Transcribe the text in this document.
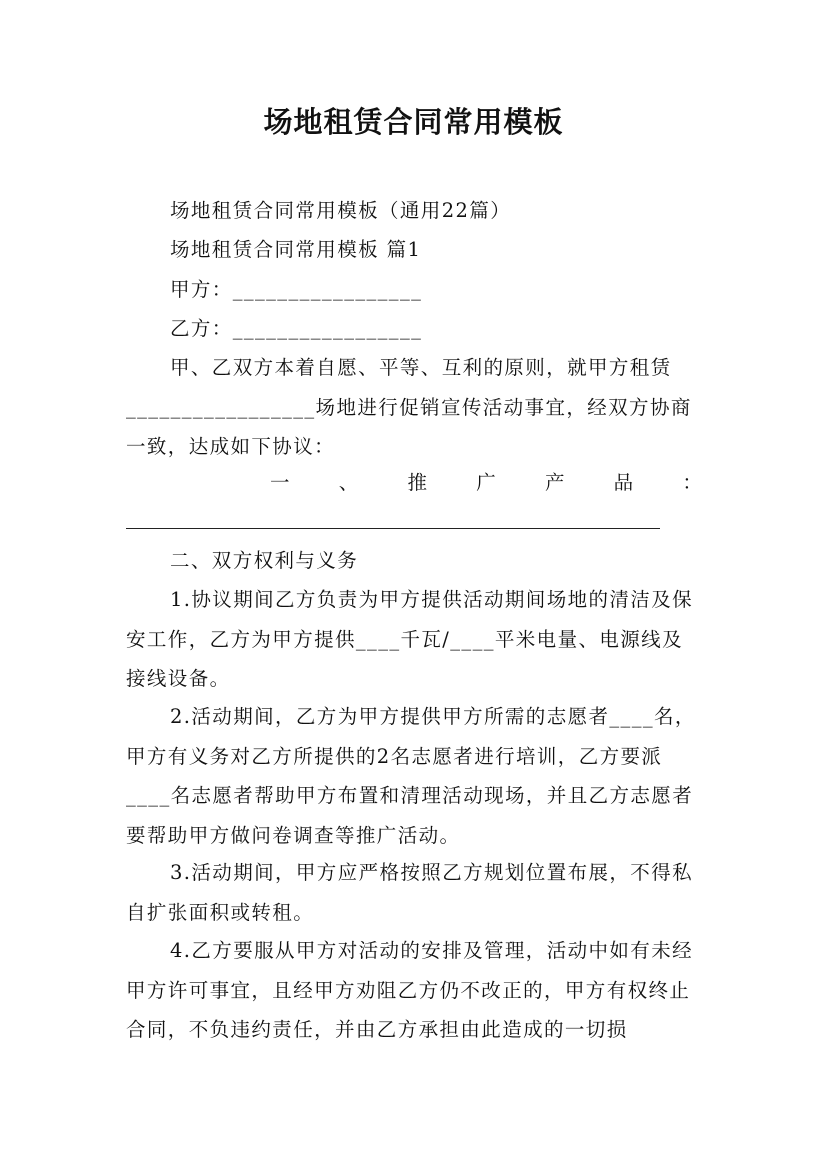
场地租赁合同常用模板
场地租赁合同常用模板（通用22篇）
场地租赁合同常用模板 篇1
甲方：_________________
乙方：_________________
甲、乙双方本着自愿、平等、互利的原则，就甲方租赁_________________场地进行促销宣传活动事宜，经双方协商一致，达成如下协议：
一	、	推	广	产	品	：
二、双方权利与义务
1.协议期间乙方负责为甲方提供活动期间场地的清洁及保安工作，乙方为甲方提供____千瓦/____平米电量、电源线及接线设备。
2.活动期间，乙方为甲方提供甲方所需的志愿者____名，甲方有义务对乙方所提供的2名志愿者进行培训，乙方要派____名志愿者帮助甲方布置和清理活动现场，并且乙方志愿者要帮助甲方做问卷调查等推广活动。
3.活动期间，甲方应严格按照乙方规划位置布展，不得私自扩张面积或转租。
4.乙方要服从甲方对活动的安排及管理，活动中如有未经甲方许可事宜，且经甲方劝阻乙方仍不改正的，甲方有权终止合同，不负违约责任，并由乙方承担由此造成的一切损
